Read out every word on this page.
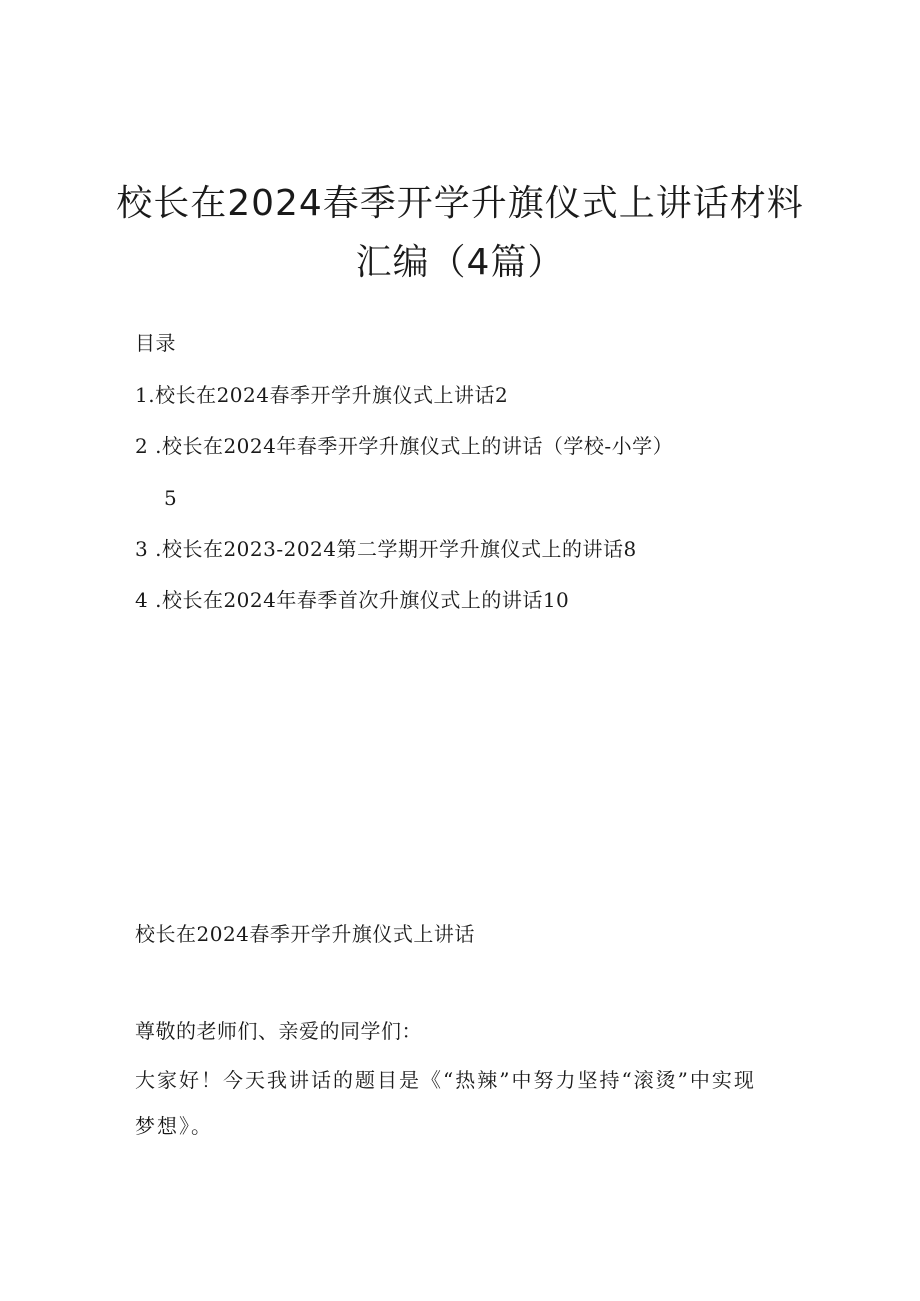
校长在2024春季开学升旗仪式上讲话材料
汇编（4篇）
目录
1.校长在2024春季开学升旗仪式上讲话2
2 .校长在2024年春季开学升旗仪式上的讲话（学校-小学）
5
3 .校长在2023-2024第二学期开学升旗仪式上的讲话8
4 .校长在2024年春季首次升旗仪式上的讲话10
校长在2024春季开学升旗仪式上讲话
尊敬的老师们、亲爱的同学们：
大家好！今天我讲话的题目是《“热辣”中努力坚持“滚烫”中实现
梦想》。
